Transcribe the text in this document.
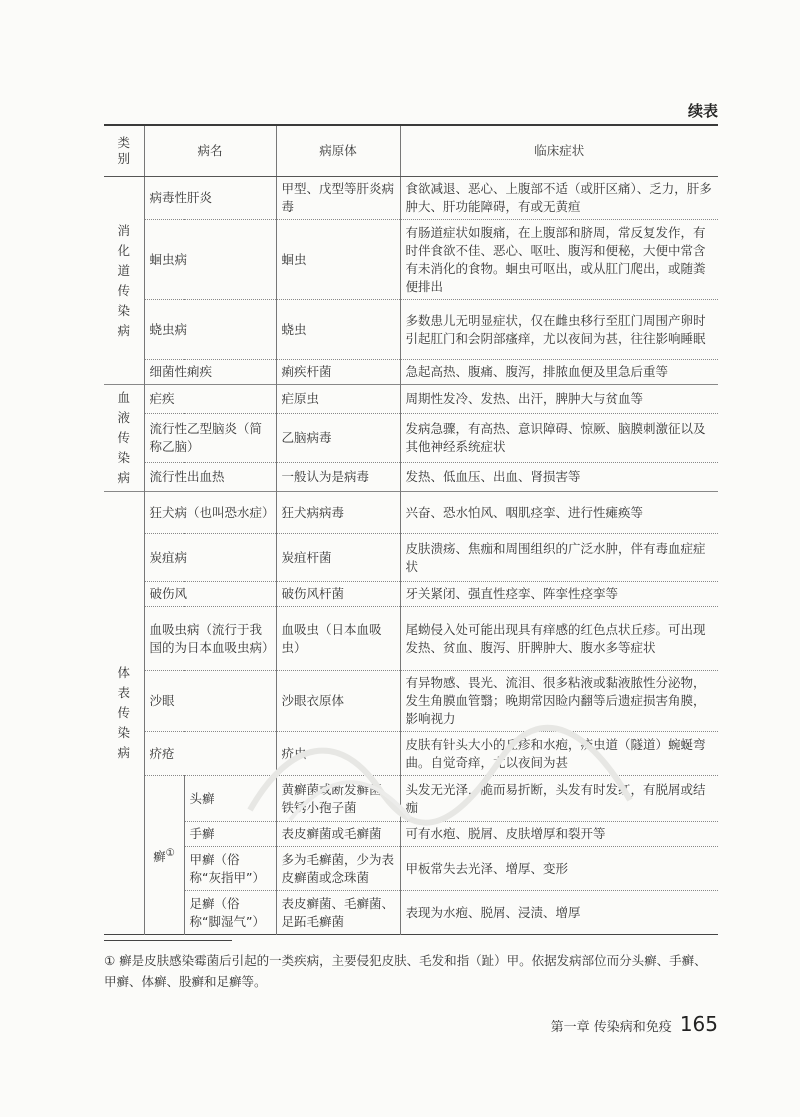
续表
类别	病名		病原体	临床症状
消化道传染病	病毒性肝炎		甲型、戊型等肝炎病毒	食欲减退、恶心、上腹部不适（或肝区痛）、乏力，肝多肿大、肝功能障碍，有或无黄疸
	蛔虫病		蛔虫	有肠道症状如腹痛，在上腹部和脐周，常反复发作，有时伴食欲不佳、恶心、呕吐、腹泻和便秘，大便中常含有未消化的食物。蛔虫可呕出，或从肛门爬出，或随粪便排出
	蛲虫病		蛲虫	多数患儿无明显症状，仅在雌虫移行至肛门周围产卵时引起肛门和会阴部瘙痒，尤以夜间为甚，往往影响睡眠
	细菌性痢疾		痢疾杆菌	急起高热、腹痛、腹泻，排脓血便及里急后重等
血液传染病	疟疾		疟原虫	周期性发冷、发热、出汗，脾肿大与贫血等
	流行性乙型脑炎（简称乙脑）		乙脑病毒	发病急骤，有高热、意识障碍、惊厥、脑膜刺激征以及其他神经系统症状
	流行性出血热		一般认为是病毒	发热、低血压、出血、肾损害等
体表传染病	狂犬病（也叫恐水症）		狂犬病病毒	兴奋、恐水怕风、咽肌痉挛、进行性瘫痪等
	炭疽病		炭疽杆菌	皮肤溃疡、焦痂和周围组织的广泛水肿，伴有毒血症症状
	破伤风		破伤风杆菌	牙关紧闭、强直性痉挛、阵挛性痉挛等
	血吸虫病（流行于我国的为日本血吸虫病）		血吸虫（日本血吸虫）	尾蚴侵入处可能出现具有痒感的红色点状丘疹。可出现发热、贫血、腹泻、肝脾肿大、腹水多等症状
	沙眼		沙眼衣原体	有异物感、畏光、流泪、很多粘液或黏液脓性分泌物，发生角膜血管翳；晚期常因睑内翻等后遗症损害角膜，影响视力
	疥疮		疥虫	皮肤有针头大小的丘疹和水疱，疥虫道（隧道）蜿蜒弯曲。自觉奇痒，尤以夜间为甚
	癣①	头癣	黄癣菌或断发癣菌、铁锈小孢子菌	头发无光泽，脆而易折断，头发有时发红，有脱屑或结痂
		手癣	表皮癣菌或毛癣菌	可有水疱、脱屑、皮肤增厚和裂开等
		甲癣（俗称“灰指甲”）	多为毛癣菌，少为表皮癣菌或念珠菌	甲板常失去光泽、增厚、变形
		足癣（俗称“脚湿气”）	表皮癣菌、毛癣菌、足跖毛癣菌	表现为水疱、脱屑、浸渍、增厚
① 癣是皮肤感染霉菌后引起的一类疾病，主要侵犯皮肤、毛发和指（趾）甲。依据发病部位而分头癣、手癣、甲癣、体癣、股癣和足癣等。
第一章 传染病和免疫 165
